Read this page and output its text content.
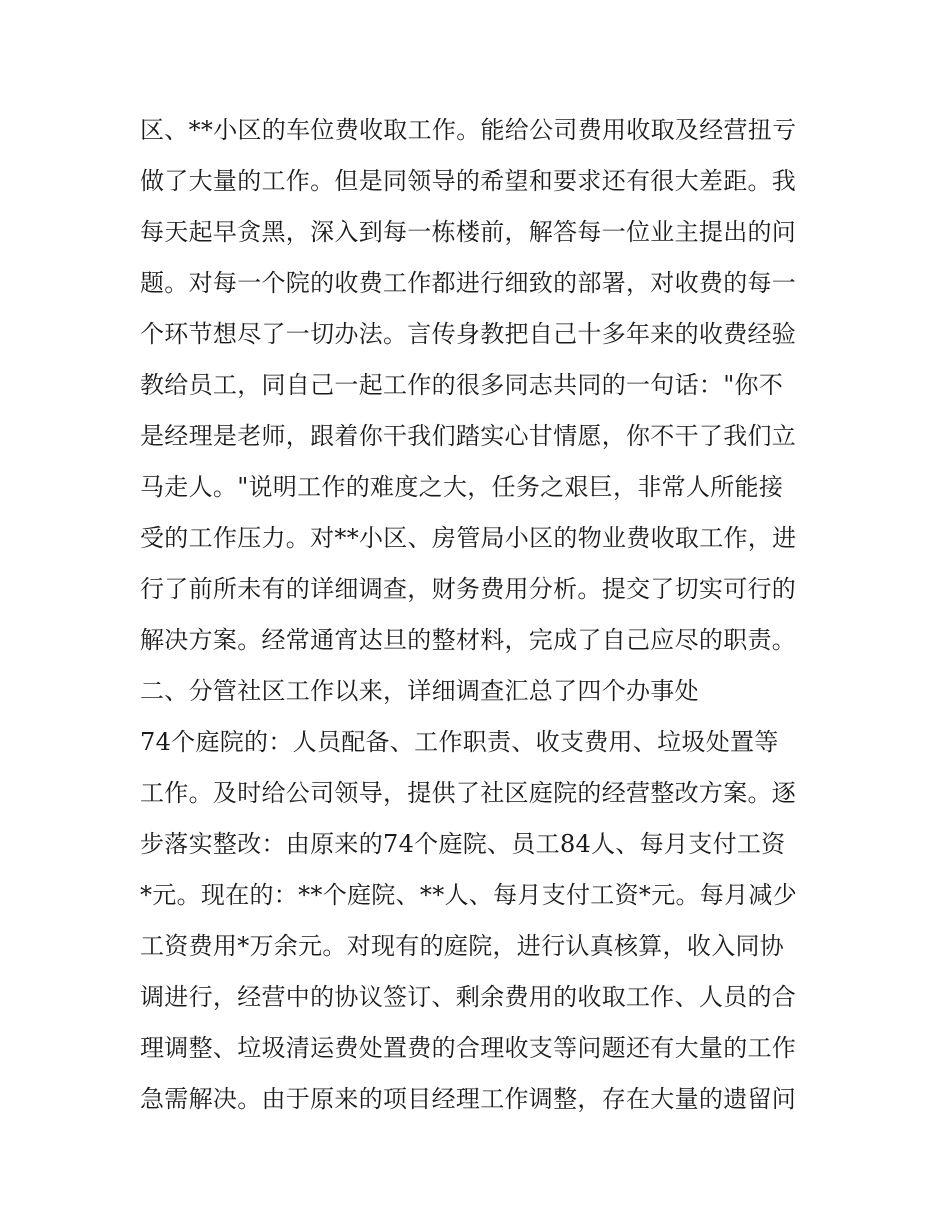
区、**小区的车位费收取工作。能给公司费用收取及经营扭亏
做了大量的工作。但是同领导的希望和要求还有很大差距。我
每天起早贪黑，深入到每一栋楼前，解答每一位业主提出的问
题。对每一个院的收费工作都进行细致的部署，对收费的每一
个环节想尽了一切办法。言传身教把自己十多年来的收费经验
教给员工，同自己一起工作的很多同志共同的一句话："你不
是经理是老师，跟着你干我们踏实心甘情愿，你不干了我们立
马走人。"说明工作的难度之大，任务之艰巨，非常人所能接
受的工作压力。对**小区、房管局小区的物业费收取工作，进
行了前所未有的详细调查，财务费用分析。提交了切实可行的
解决方案。经常通宵达旦的整材料，完成了自己应尽的职责。
二、分管社区工作以来，详细调查汇总了四个办事处
74个庭院的：人员配备、工作职责、收支费用、垃圾处置等
工作。及时给公司领导，提供了社区庭院的经营整改方案。逐
步落实整改：由原来的74个庭院、员工84人、每月支付工资
*元。现在的：**个庭院、**人、每月支付工资*元。每月减少
工资费用*万余元。对现有的庭院，进行认真核算，收入同协
调进行，经营中的协议签订、剩余费用的收取工作、人员的合
理调整、垃圾清运费处置费的合理收支等问题还有大量的工作
急需解决。由于原来的项目经理工作调整，存在大量的遗留问
